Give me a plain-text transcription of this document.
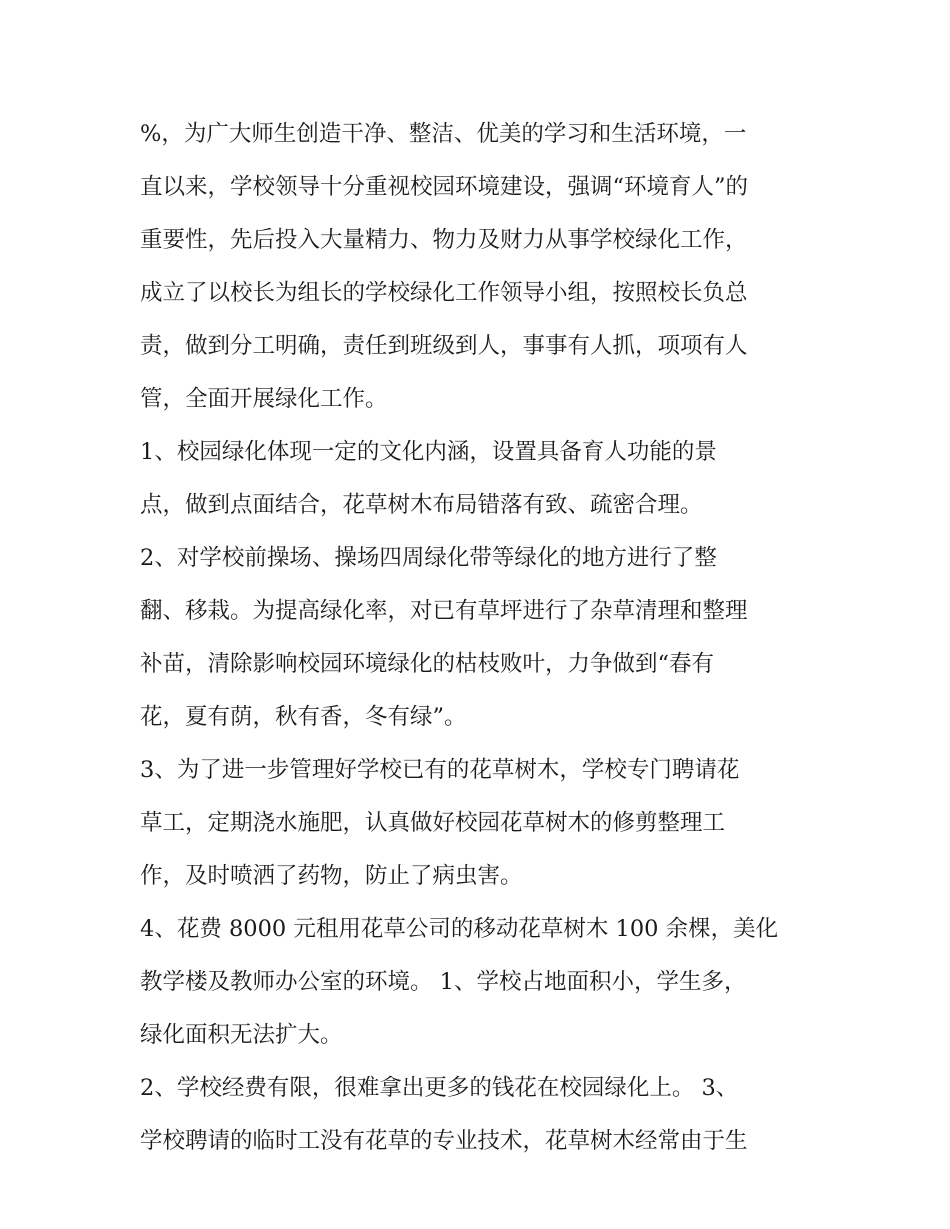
%，为广大师生创造干净、整洁、优美的学习和生活环境，一
直以来，学校领导十分重视校园环境建设，强调“环境育人”的
重要性，先后投入大量精力、物力及财力从事学校绿化工作，
成立了以校长为组长的学校绿化工作领导小组，按照校长负总
责，做到分工明确，责任到班级到人，事事有人抓，项项有人
管，全面开展绿化工作。
1、校园绿化体现一定的文化内涵，设置具备育人功能的景
点，做到点面结合，花草树木布局错落有致、疏密合理。
2、对学校前操场、操场四周绿化带等绿化的地方进行了整
翻、移栽。为提高绿化率，对已有草坪进行了杂草清理和整理
补苗，清除影响校园环境绿化的枯枝败叶，力争做到“春有
花，夏有荫，秋有香，冬有绿”。
3、为了进一步管理好学校已有的花草树木，学校专门聘请花
草工，定期浇水施肥，认真做好校园花草树木的修剪整理工
作，及时喷洒了药物，防止了病虫害。
4、花费 8000 元租用花草公司的移动花草树木 100 余棵，美化
教学楼及教师办公室的环境。 1、学校占地面积小，学生多，
绿化面积无法扩大。
2、学校经费有限，很难拿出更多的钱花在校园绿化上。 3、
学校聘请的临时工没有花草的专业技术，花草树木经常由于生
